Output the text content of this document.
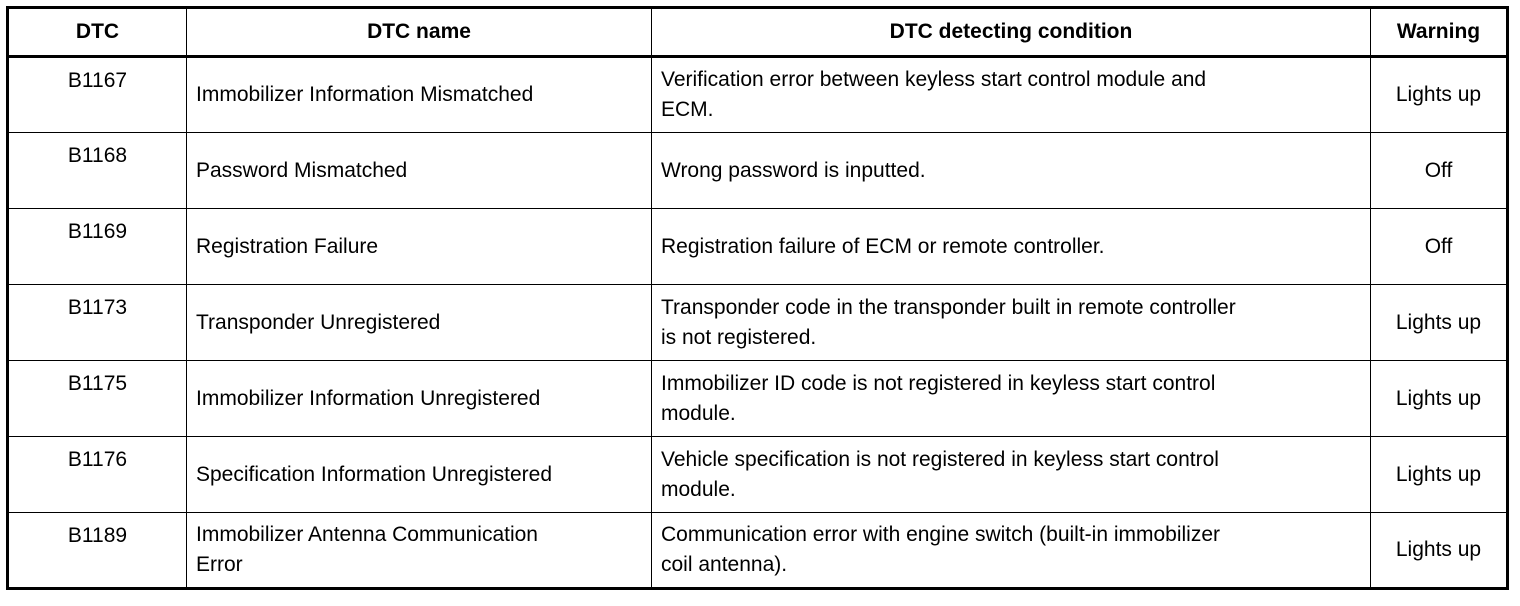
DTC	DTC name	DTC detecting condition	Warning
B1167	Immobilizer Information Mismatched	Verification error between keyless start control module and
ECM.	Lights up
B1168	Password Mismatched	Wrong password is inputted.	Off
B1169	Registration Failure	Registration failure of ECM or remote controller.	Off
B1173	Transponder Unregistered	Transponder code in the transponder built in remote controller
is not registered.	Lights up
B1175	Immobilizer Information Unregistered	Immobilizer ID code is not registered in keyless start control
module.	Lights up
B1176	Specification Information Unregistered	Vehicle specification is not registered in keyless start control
module.	Lights up
B1189	Immobilizer Antenna Communication
Error	Communication error with engine switch (built-in immobilizer
coil antenna).	Lights up
